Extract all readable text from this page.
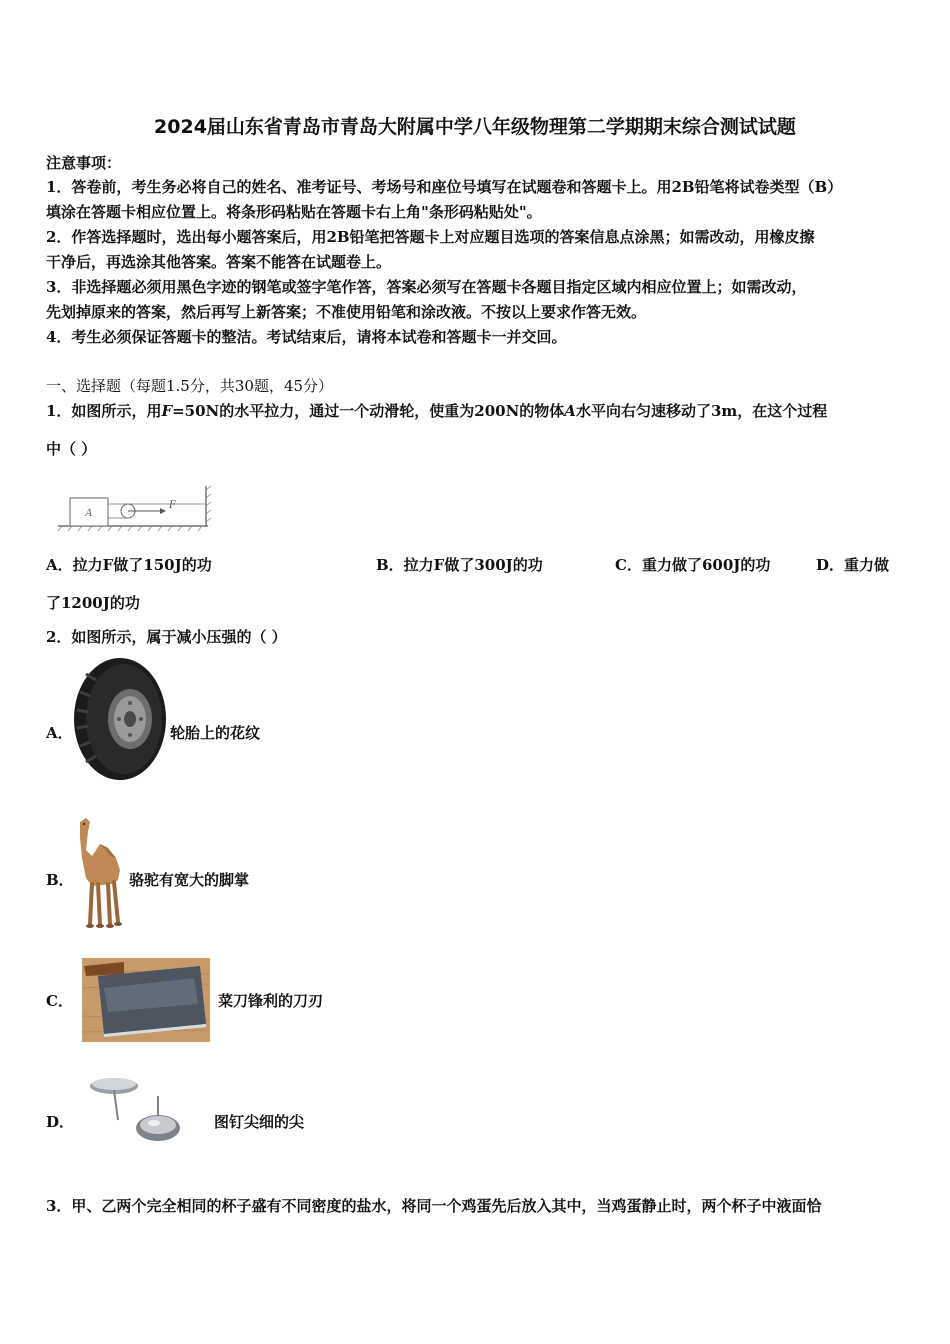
2024届山东省青岛市青岛大附属中学八年级物理第二学期期末综合测试试题
注意事项：
1．答卷前，考生务必将自己的姓名、准考证号、考场号和座位号填写在试题卷和答题卡上。用2B铅笔将试卷类型（B）
填涂在答题卡相应位置上。将条形码粘贴在答题卡右上角"条形码粘贴处"。
2．作答选择题时，选出每小题答案后，用2B铅笔把答题卡上对应题目选项的答案信息点涂黑；如需改动，用橡皮擦
干净后，再选涂其他答案。答案不能答在试题卷上。
3．非选择题必须用黑色字迹的钢笔或签字笔作答，答案必须写在答题卡各题目指定区域内相应位置上；如需改动，
先划掉原来的答案，然后再写上新答案；不准使用铅笔和涂改液。不按以上要求作答无效。
4．考生必须保证答题卡的整洁。考试结束后，请将本试卷和答题卡一并交回。
一、选择题（每题1.5分，共30题，45分）
1．如图所示，用F=50N的水平拉力，通过一个动滑轮，使重为200N的物体A水平向右匀速移动了3m，在这个过程
中（ ）
A
F
A．拉力F做了150J的功	B．拉力F做了300J的功	C．重力做了600J的功	D．重力做
了1200J的功
2．如图所示，属于减小压强的（ ）
A．	轮胎上的花纹
B．	骆驼有宽大的脚掌
C．	菜刀锋利的刀刃
D．	图钉尖细的尖
3．甲、乙两个完全相同的杯子盛有不同密度的盐水，将同一个鸡蛋先后放入其中，当鸡蛋静止时，两个杯子中液面恰
